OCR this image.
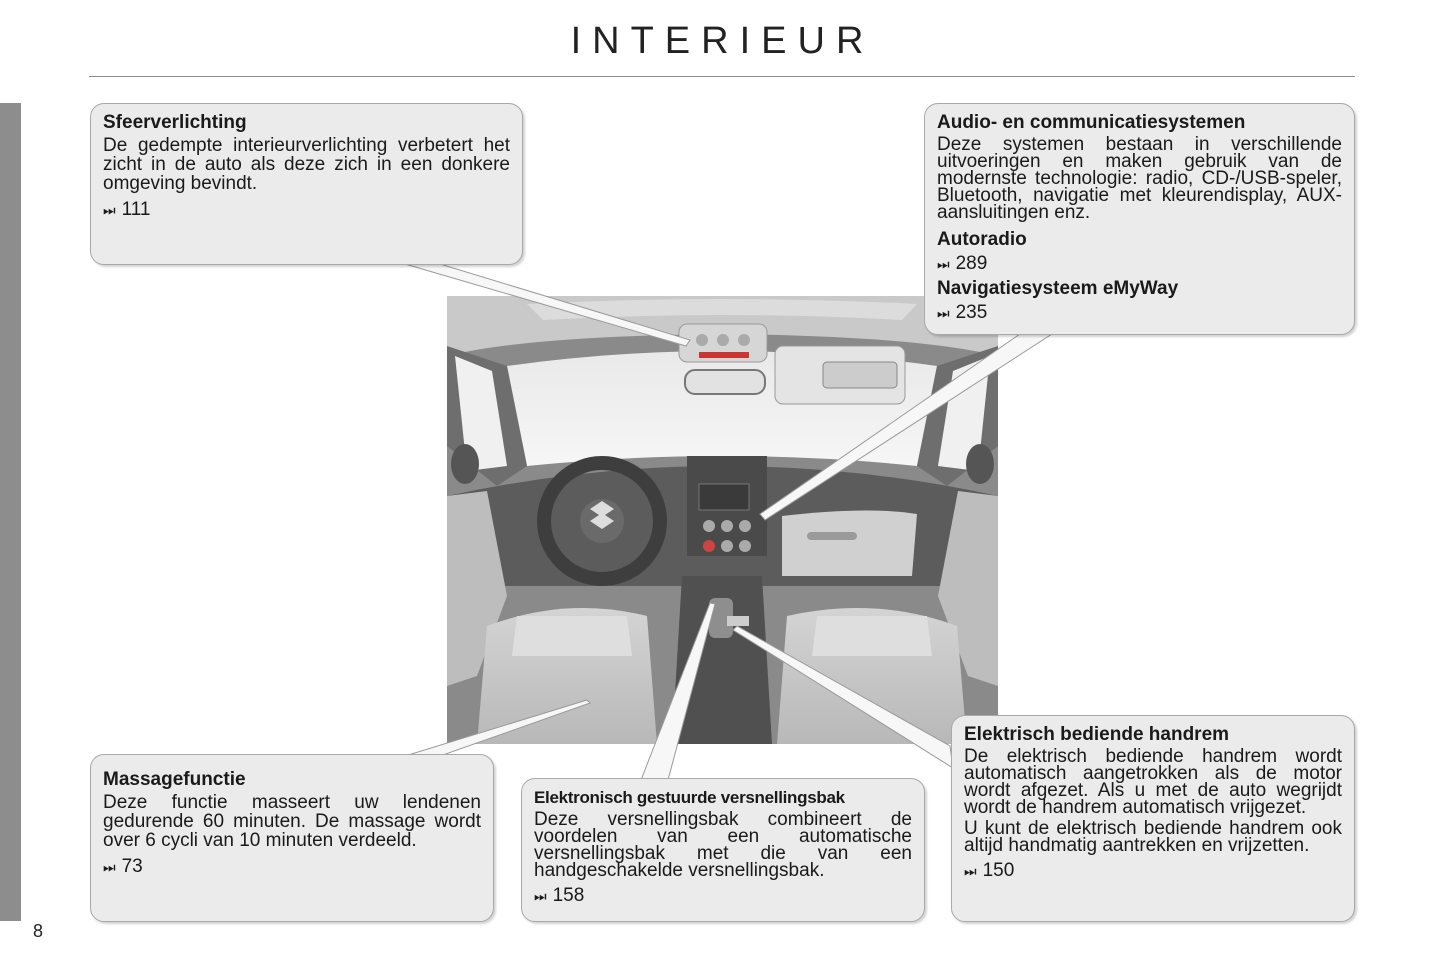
INTERIEUR
8
Sfeerverlichting

De gedempte interieurverlichting verbetert het zicht in de auto als deze zich in een donkere omgeving bevindt.

⏭ 111
Audio- en communicatiesystemen

Deze systemen bestaan in verschillende uitvoeringen en maken gebruik van de modernste technologie: radio, CD-/USB-speler, Bluetooth, navigatie met kleurendisplay, AUX-aansluitingen enz.

Autoradio
⏭ 289
Navigatiesysteem eMyWay
⏭ 235
Massagefunctie

Deze functie masseert uw lendenen gedurende 60 minuten. De massage wordt over 6 cycli van 10 minuten verdeeld.

⏭ 73
Elektronisch gestuurde versnellingsbak

Deze versnellingsbak combineert de voordelen van een automatische versnellingsbak met die van een handgeschakelde versnellingsbak.

⏭ 158
Elektrisch bediende handrem

De elektrisch bediende handrem wordt automatisch aangetrokken als de motor wordt afgezet. Als u met de auto wegrijdt wordt de handrem automatisch vrijgezet.

U kunt de elektrisch bediende handrem ook altijd handmatig aantrekken en vrijzetten.

⏭ 150
